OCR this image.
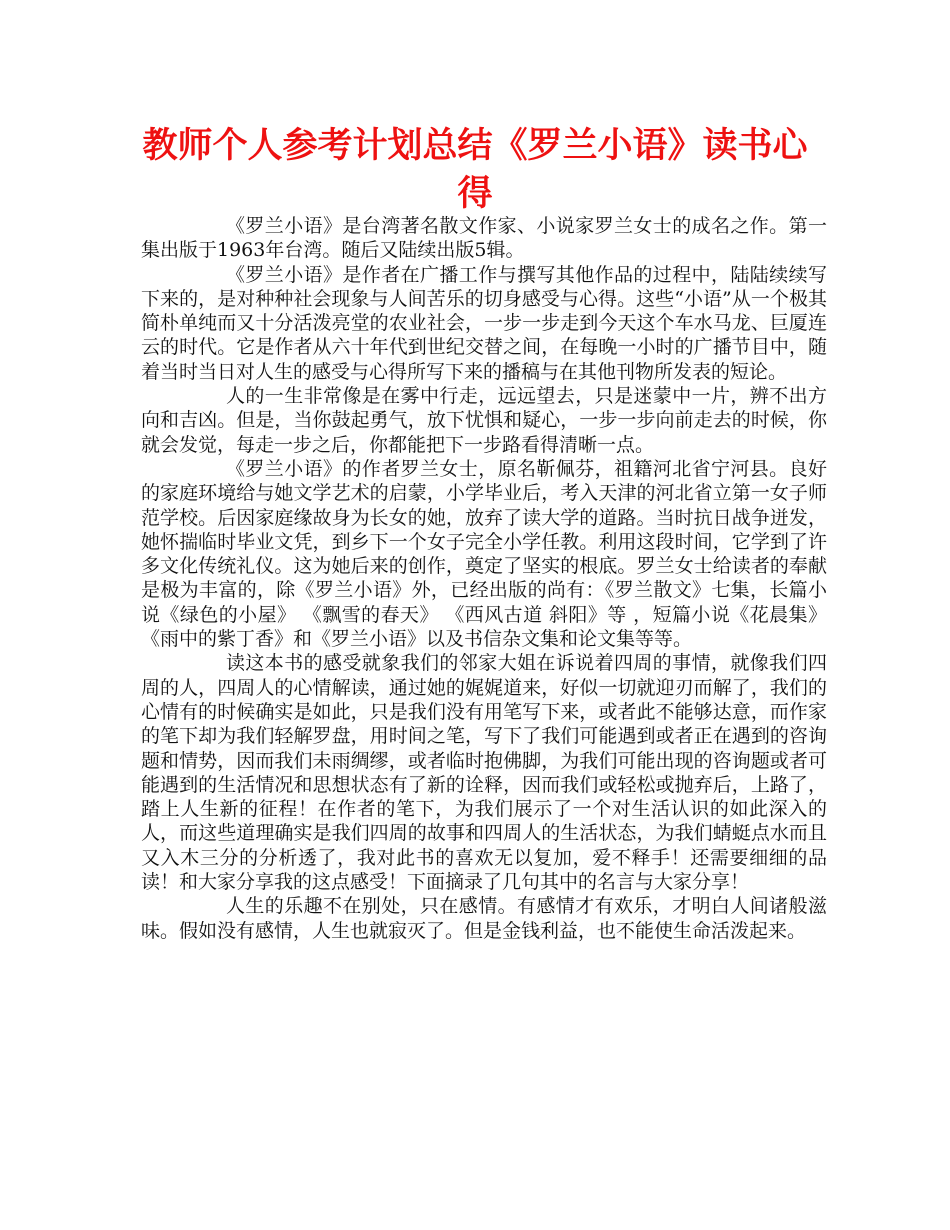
教师个人参考计划总结《罗兰小语》读书心得

《罗兰小语》是台湾著名散文作家、小说家罗兰女士的成名之作。第一集出版于1963年台湾。随后又陆续出版5辑。

《罗兰小语》是作者在广播工作与撰写其他作品的过程中，陆陆续续写下来的，是对种种社会现象与人间苦乐的切身感受与心得。这些“小语”从一个极其简朴单纯而又十分活泼亮堂的农业社会，一步一步走到今天这个车水马龙、巨厦连云的时代。它是作者从六十年代到世纪交替之间，在每晚一小时的广播节目中，随着当时当日对人生的感受与心得所写下来的播稿与在其他刊物所发表的短论。

人的一生非常像是在雾中行走，远远望去，只是迷蒙中一片，辨不出方向和吉凶。但是，当你鼓起勇气，放下忧惧和疑心，一步一步向前走去的时候，你就会发觉，每走一步之后，你都能把下一步路看得清晰一点。

《罗兰小语》的作者罗兰女士，原名靳佩芬，祖籍河北省宁河县。良好的家庭环境给与她文学艺术的启蒙，小学毕业后，考入天津的河北省立第一女子师范学校。后因家庭缘故身为长女的她，放弃了读大学的道路。当时抗日战争迸发，她怀揣临时毕业文凭，到乡下一个女子完全小学任教。利用这段时间，它学到了许多文化传统礼仪。这为她后来的创作，奠定了坚实的根底。罗兰女士给读者的奉献是极为丰富的，除《罗兰小语》外，已经出版的尚有：《罗兰散文》七集，长篇小说《绿色的小屋》 《飘雪的春天》 《西风古道 斜阳》等 ，短篇小说《花晨集》《雨中的紫丁香》和《罗兰小语》以及书信杂文集和论文集等等。

读这本书的感受就象我们的邻家大姐在诉说着四周的事情，就像我们四周的人，四周人的心情解读，通过她的娓娓道来，好似一切就迎刃而解了，我们的心情有的时候确实是如此，只是我们没有用笔写下来，或者此不能够达意，而作家的笔下却为我们轻解罗盘，用时间之笔，写下了我们可能遇到或者正在遇到的咨询题和情势，因而我们未雨绸缪，或者临时抱佛脚，为我们可能出现的咨询题或者可能遇到的生活情况和思想状态有了新的诠释，因而我们或轻松或抛弃后，上路了，踏上人生新的征程！在作者的笔下，为我们展示了一个对生活认识的如此深入的人，而这些道理确实是我们四周的故事和四周人的生活状态，为我们蜻蜓点水而且又入木三分的分析透了，我对此书的喜欢无以复加，爱不释手！还需要细细的品读！和大家分享我的这点感受！下面摘录了几句其中的名言与大家分享！

人生的乐趣不在别处，只在感情。有感情才有欢乐，才明白人间诸般滋味。假如没有感情，人生也就寂灭了。但是金钱利益，也不能使生命活泼起来。
